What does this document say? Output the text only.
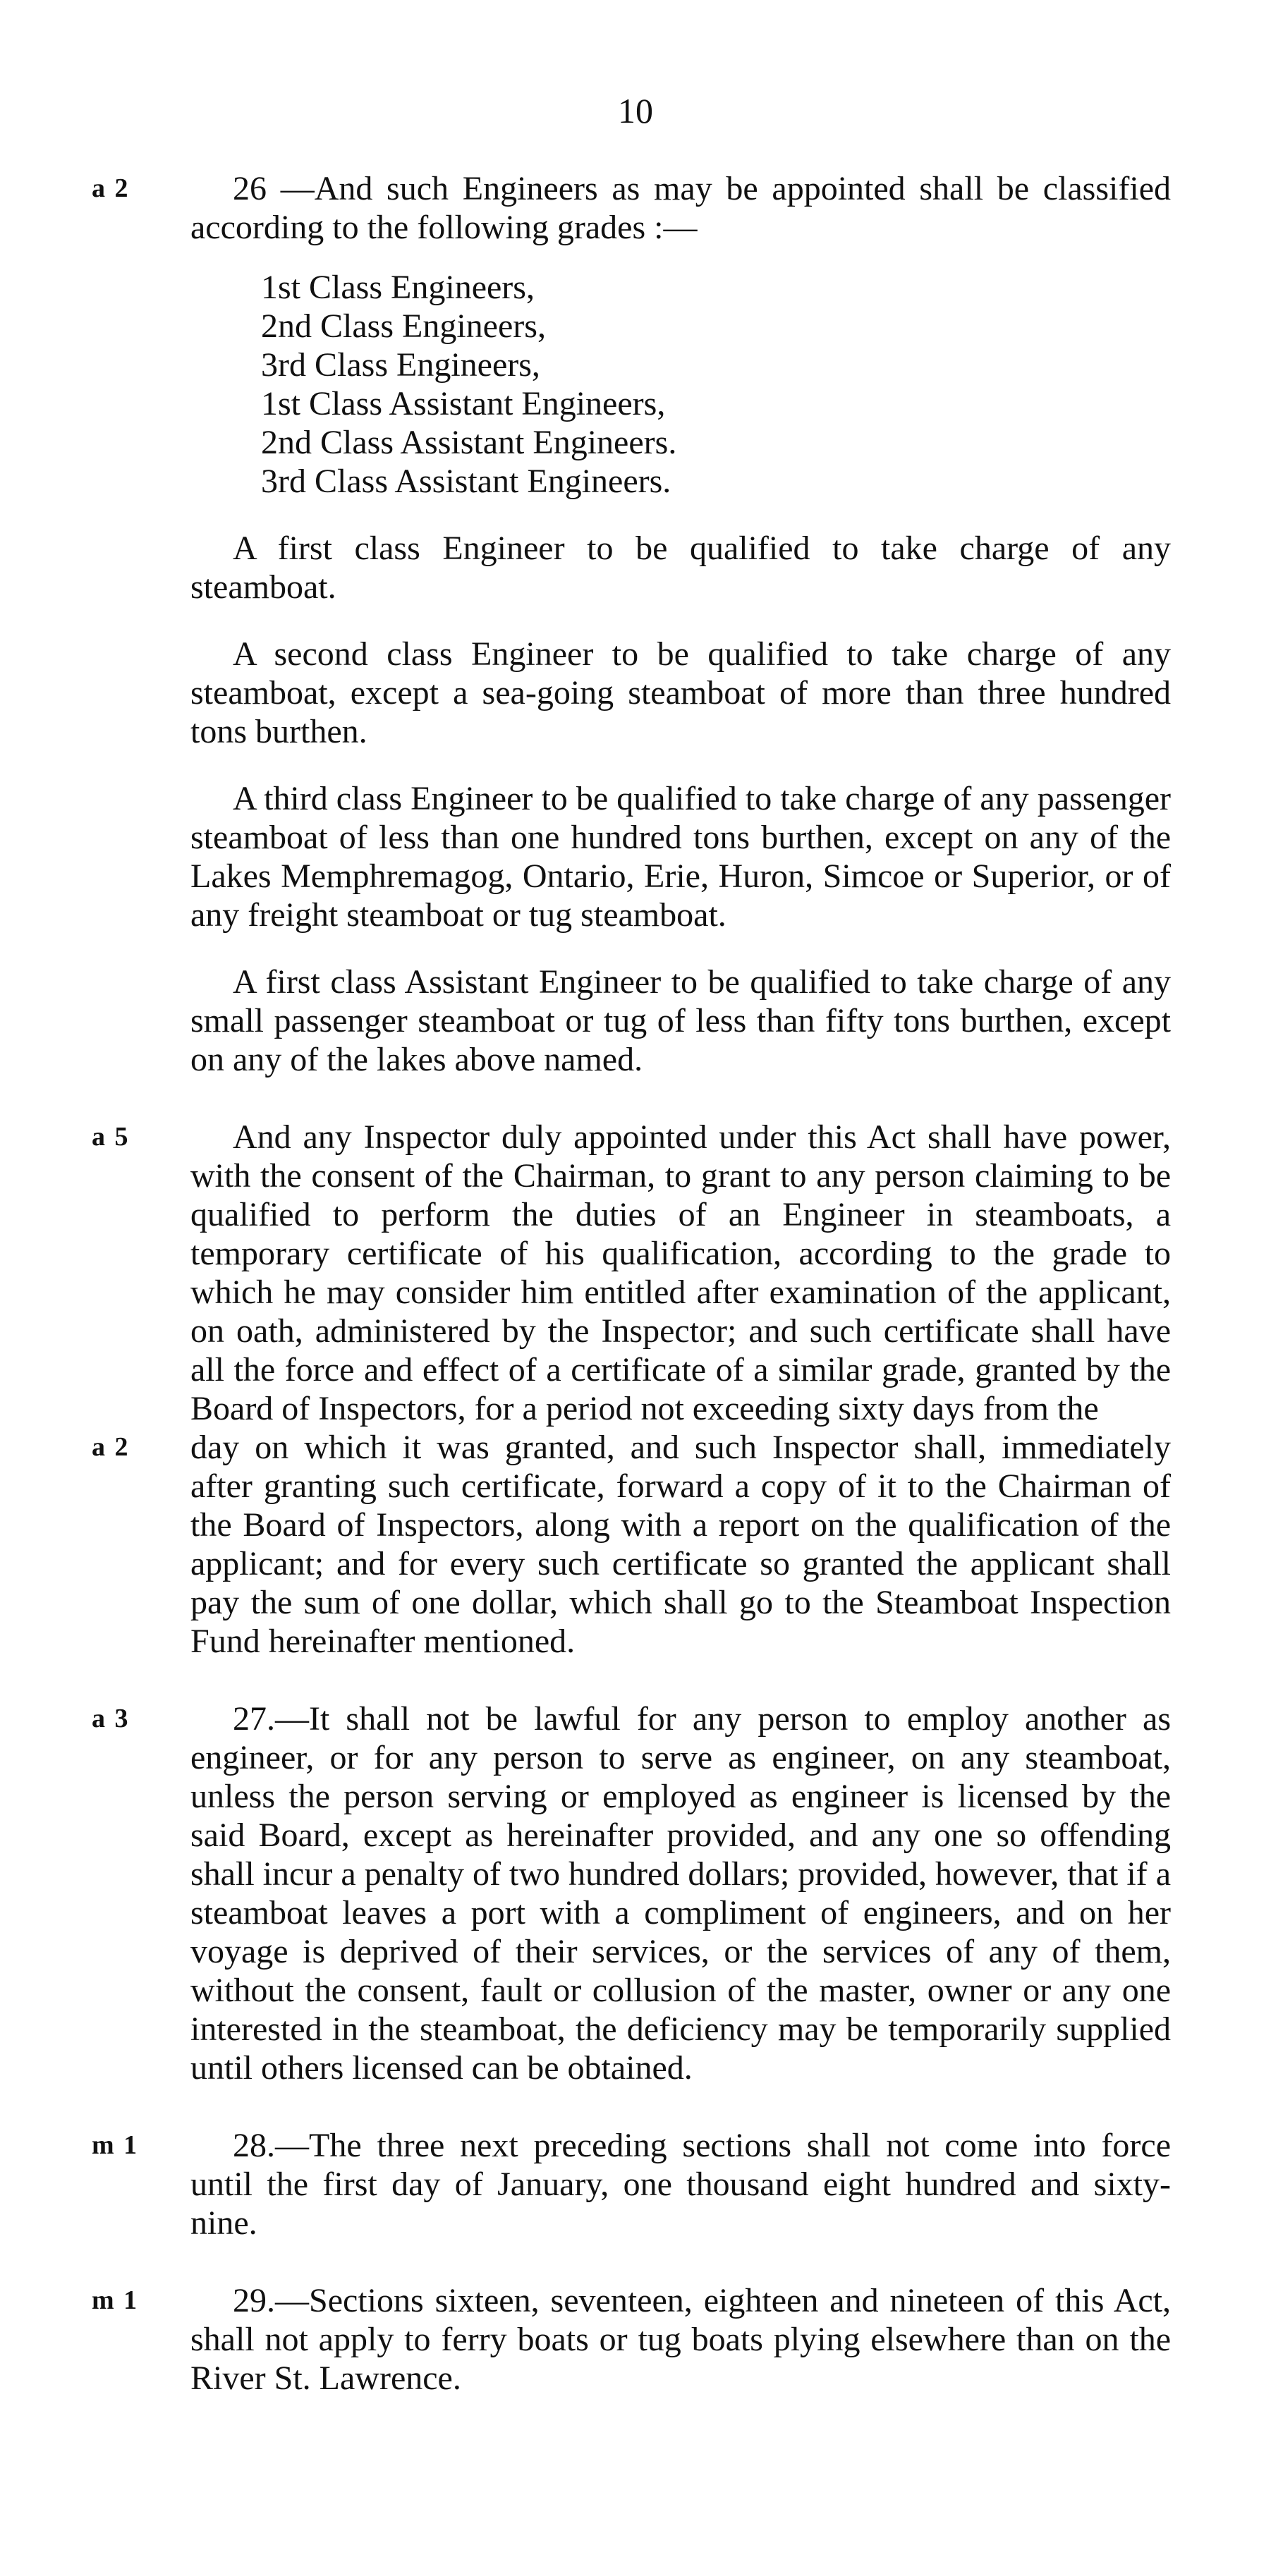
10
a 2	26 —And such Engineers as may be appointed shall be classified according to the following grades :—
1st Class Engineers,
2nd Class Engineers,
3rd Class Engineers,
1st Class Assistant Engineers,
2nd Class Assistant Engineers.
3rd Class Assistant Engineers.
A first class Engineer to be qualified to take charge of any steamboat.
A second class Engineer to be qualified to take charge of any steamboat, except a sea-going steamboat of more than three hundred tons burthen.
A third class Engineer to be qualified to take charge of any passenger steamboat of less than one hundred tons burthen, except on any of the Lakes Memphremagog, Ontario, Erie, Huron, Simcoe or Superior, or of any freight steamboat or tug steamboat.
A first class Assistant Engineer to be qualified to take charge of any small passenger steamboat or tug of less than fifty tons burthen, except on any of the lakes above named.
a 5	And any Inspector duly appointed under this Act shall have power, with the consent of the Chairman, to grant to any person claiming to be qualified to perform the duties of an Engineer in steamboats, a temporary certificate of his qualification, according to the grade to which he may consider him entitled after examination of the applicant, on oath, administered by the Inspector; and such certificate shall have all the force and effect of a certificate of a similar grade, granted by the Board of Inspectors, for a period not exceeding sixty days from the
a 2 day on which it was granted, and such Inspector shall, immediately after granting such certificate, forward a copy of it to the Chairman of the Board of Inspectors, along with a report on the qualification of the applicant; and for every such certificate so granted the applicant shall pay the sum of one dollar, which shall go to the Steamboat Inspection Fund hereinafter mentioned.
a 3	27.—It shall not be lawful for any person to employ another as engineer, or for any person to serve as engineer, on any steamboat, unless the person serving or employed as engineer is licensed by the said Board, except as hereinafter provided, and any one so offending shall incur a penalty of two hundred dollars; provided, however, that if a steamboat leaves a port with a compliment of engineers, and on her voyage is deprived of their services, or the services of any of them, without the consent, fault or collusion of the master, owner or any one interested in the steamboat, the deficiency may be temporarily supplied until others licensed can be obtained.
m 1	28.—The three next preceding sections shall not come into force until the first day of January, one thousand eight hundred and sixty-nine.
m 1	29.—Sections sixteen, seventeen, eighteen and nineteen of this Act, shall not apply to ferry boats or tug boats plying elsewhere than on the River St. Lawrence.
